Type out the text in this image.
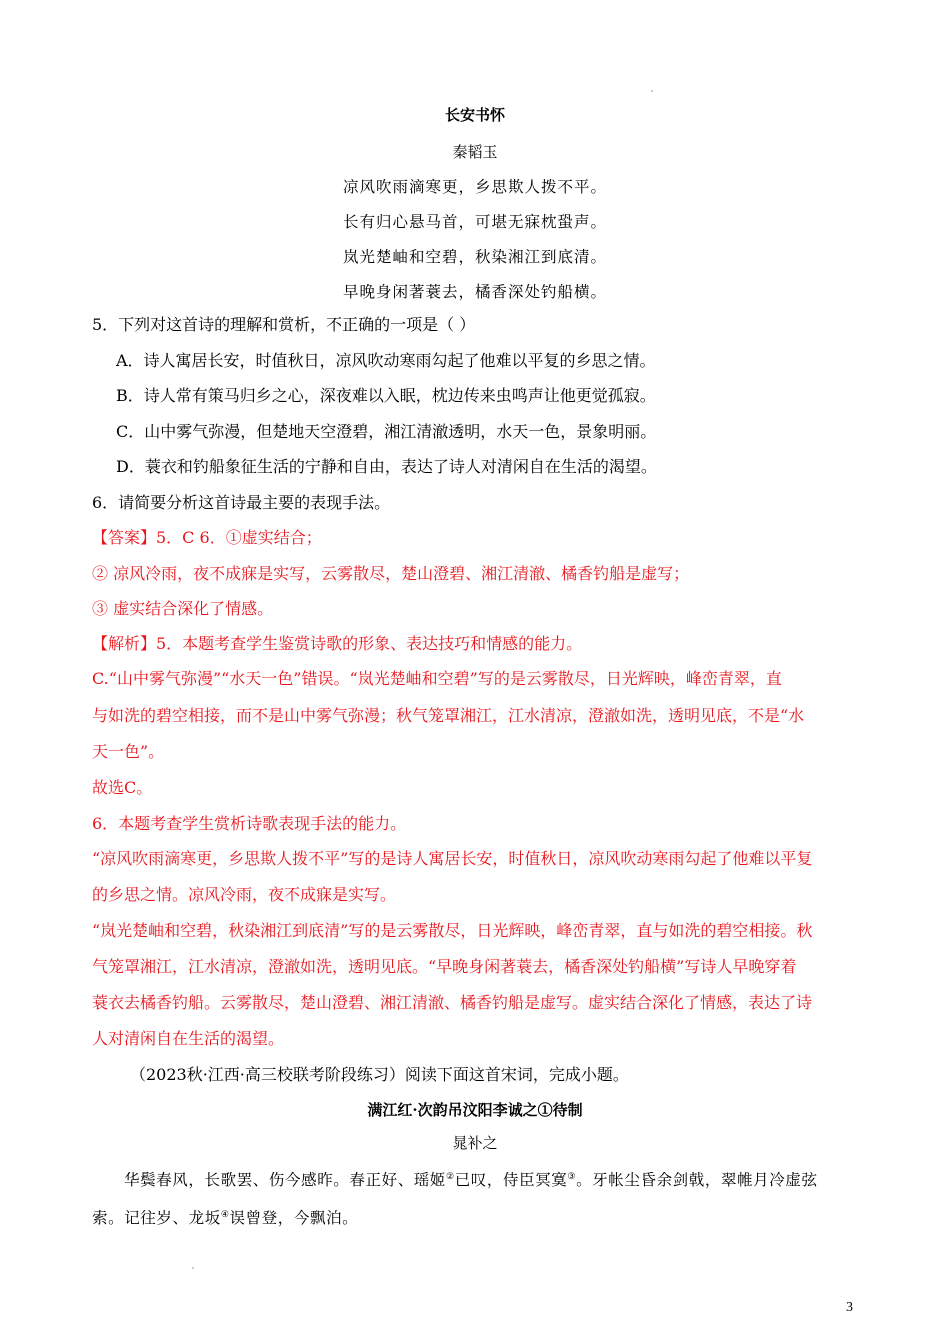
长安书怀
秦韬玉
凉风吹雨滴寒更，乡思欺人拨不平。
长有归心悬马首，可堪无寐枕蛩声。
岚光楚岫和空碧，秋染湘江到底清。
早晚身闲著蓑去，橘香深处钓船横。
5．下列对这首诗的理解和赏析，不正确的一项是（ ）
A．诗人寓居长安，时值秋日，凉风吹动寒雨勾起了他难以平复的乡思之情。
B．诗人常有策马归乡之心，深夜难以入眠，枕边传来虫鸣声让他更觉孤寂。
C．山中雾气弥漫，但楚地天空澄碧，湘江清澈透明，水天一色，景象明丽。
D．蓑衣和钓船象征生活的宁静和自由，表达了诗人对清闲自在生活的渴望。
6．请简要分析这首诗最主要的表现手法。
【答案】5．C 6．①虚实结合；
② 凉风冷雨，夜不成寐是实写，云雾散尽，楚山澄碧、湘江清澈、橘香钓船是虚写；
③ 虚实结合深化了情感。
【解析】5．本题考查学生鉴赏诗歌的形象、表达技巧和情感的能力。
C.“山中雾气弥漫”“水天一色”错误。“岚光楚岫和空碧”写的是云雾散尽，日光辉映，峰峦青翠，直
与如洗的碧空相接，而不是山中雾气弥漫；秋气笼罩湘江，江水清凉，澄澈如洗，透明见底，不是“水
天一色”。
故选C。
6．本题考查学生赏析诗歌表现手法的能力。
“凉风吹雨滴寒更，乡思欺人拨不平”写的是诗人寓居长安，时值秋日，凉风吹动寒雨勾起了他难以平复
的乡思之情。凉风冷雨，夜不成寐是实写。
“岚光楚岫和空碧，秋染湘江到底清”写的是云雾散尽，日光辉映，峰峦青翠，直与如洗的碧空相接。秋
气笼罩湘江，江水清凉，澄澈如洗，透明见底。“早晚身闲著蓑去，橘香深处钓船横”写诗人早晚穿着
蓑衣去橘香钓船。云雾散尽，楚山澄碧、湘江清澈、橘香钓船是虚写。虚实结合深化了情感，表达了诗
人对清闲自在生活的渴望。
（2023秋·江西·高三校联考阶段练习）阅读下面这首宋词，完成小题。
满江红·次韵吊汶阳李诚之①待制
晁补之
华鬓春风，长歌罢、伤今感昨。春正好、瑶姬②已叹，侍臣冥寞③。牙帐尘昏余剑戟，翠帷月冷虚弦
索。记往岁、龙坂④误曾登，今飘泊。
3
